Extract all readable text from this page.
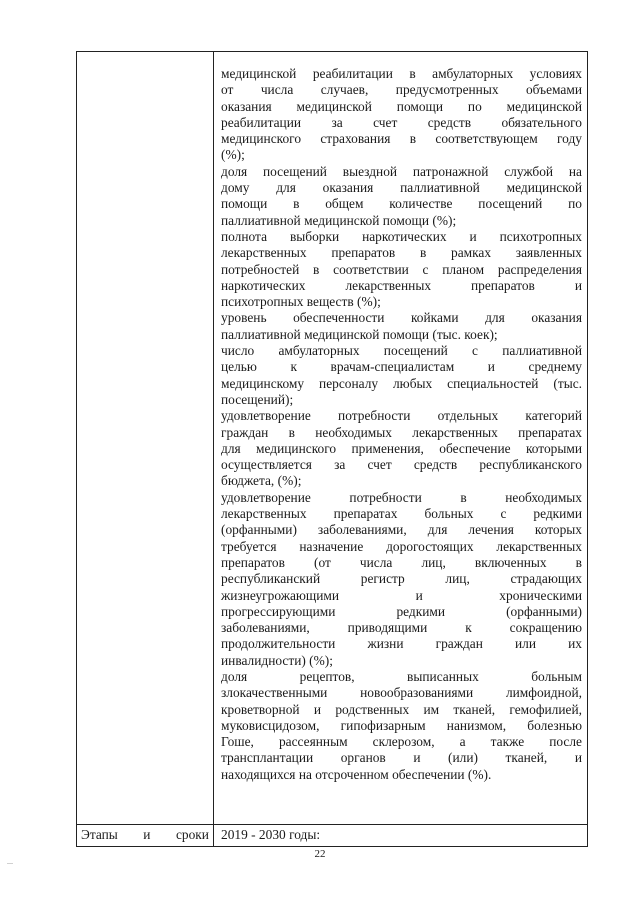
медицинской реабилитации в амбулаторных условиях
от числа случаев, предусмотренных объемами
оказания медицинской помощи по медицинской
реабилитации за счет средств обязательного
медицинского страхования в соответствующем году
(%);

доля посещений выездной патронажной службой на
дому для оказания паллиативной медицинской
помощи в общем количестве посещений по
паллиативной медицинской помощи (%);

полнота выборки наркотических и психотропных
лекарственных препаратов в рамках заявленных
потребностей в соответствии с планом распределения
наркотических лекарственных препаратов и
психотропных веществ (%);

уровень обеспеченности койками для оказания
паллиативной медицинской помощи (тыс. коек);

число амбулаторных посещений с паллиативной
целью к врачам-специалистам и среднему
медицинскому персоналу любых специальностей (тыс.
посещений);

удовлетворение потребности отдельных категорий
граждан в необходимых лекарственных препаратах
для медицинского применения, обеспечение которыми
осуществляется за счет средств республиканского
бюджета, (%);

удовлетворение потребности в необходимых
лекарственных препаратах больных с редкими
(орфанными) заболеваниями, для лечения которых
требуется назначение дорогостоящих лекарственных
препаратов (от числа лиц, включенных в
республиканский регистр лиц, страдающих
жизнеугрожающими и хроническими
прогрессирующими редкими (орфанными)
заболеваниями, приводящими к сокращению
продолжительности жизни граждан или их
инвалидности) (%);

доля рецептов, выписанных больным
злокачественными новообразованиями лимфоидной,
кроветворной и родственных им тканей, гемофилией,
муковисцидозом, гипофизарным нанизмом, болезнью
Гоше, рассеянным склерозом, а также после
трансплантации органов и (или) тканей, и
находящихся на отсроченном обеспечении (%).

Этапы и сроки 2019 - 2030 годы:
22
...
